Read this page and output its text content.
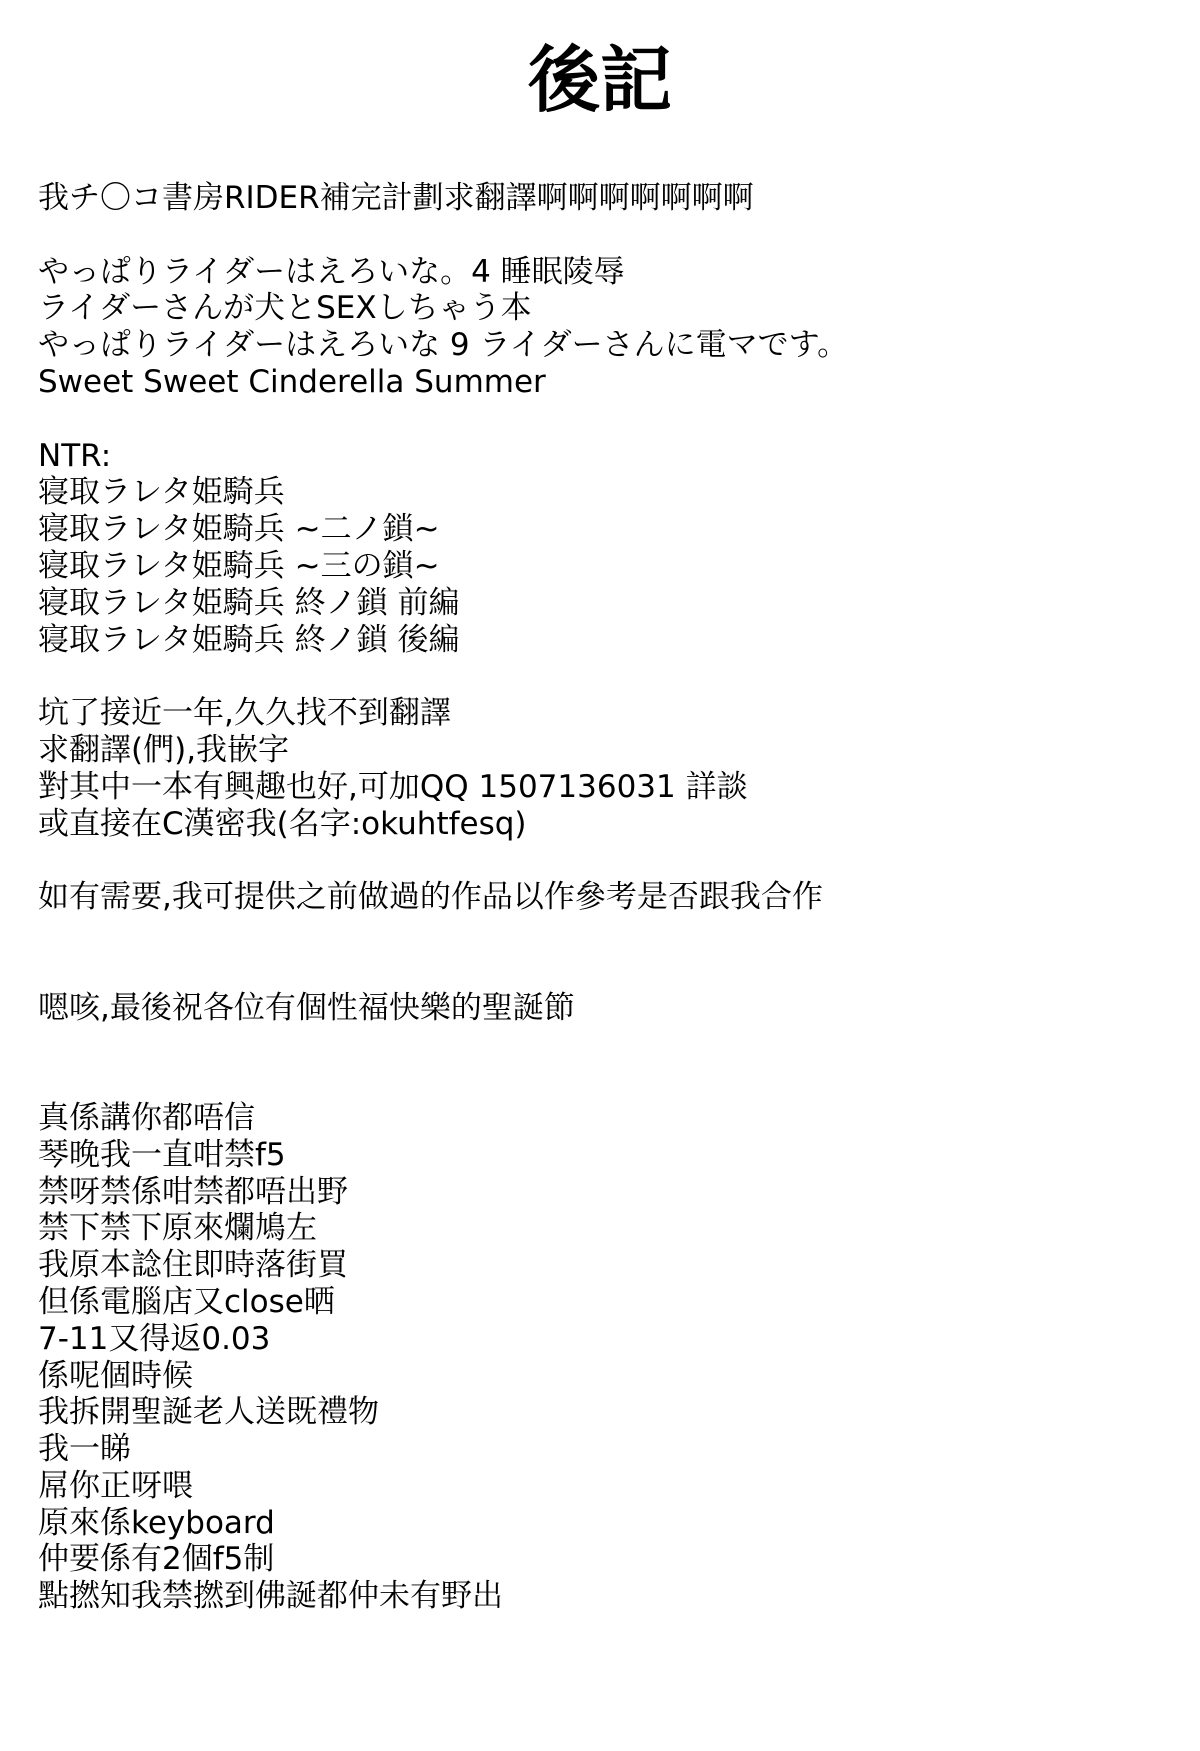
後記
我チ〇コ書房RIDER補完計劃求翻譯啊啊啊啊啊啊啊
やっぱりライダーはえろいな。4 睡眠陵辱
ライダーさんが犬とSEXしちゃう本
やっぱりライダーはえろいな 9 ライダーさんに電マです。
Sweet Sweet Cinderella Summer
NTR:
寝取ラレタ姫騎兵
寝取ラレタ姫騎兵 ~二ノ鎖~
寝取ラレタ姫騎兵 ~三の鎖~
寝取ラレタ姫騎兵 終ノ鎖 前編
寝取ラレタ姫騎兵 終ノ鎖 後編
坑了接近一年,久久找不到翻譯
求翻譯(們),我嵌字
對其中一本有興趣也好,可加QQ 1507136031 詳談
或直接在C漢密我(名字:okuhtfesq)
如有需要,我可提供之前做過的作品以作參考是否跟我合作
嗯咳,最後祝各位有個性福快樂的聖誕節
真係講你都唔信
琴晚我一直咁禁f5
禁呀禁係咁禁都唔出野
禁下禁下原來爛鳩左
我原本諗住即時落街買
但係電腦店又close晒
7-11又得返0.03
係呢個時候
我拆開聖誕老人送既禮物
我一睇
屌你正呀喂
原來係keyboard
仲要係有2個f5制
點撚知我禁撚到佛誕都仲未有野出
